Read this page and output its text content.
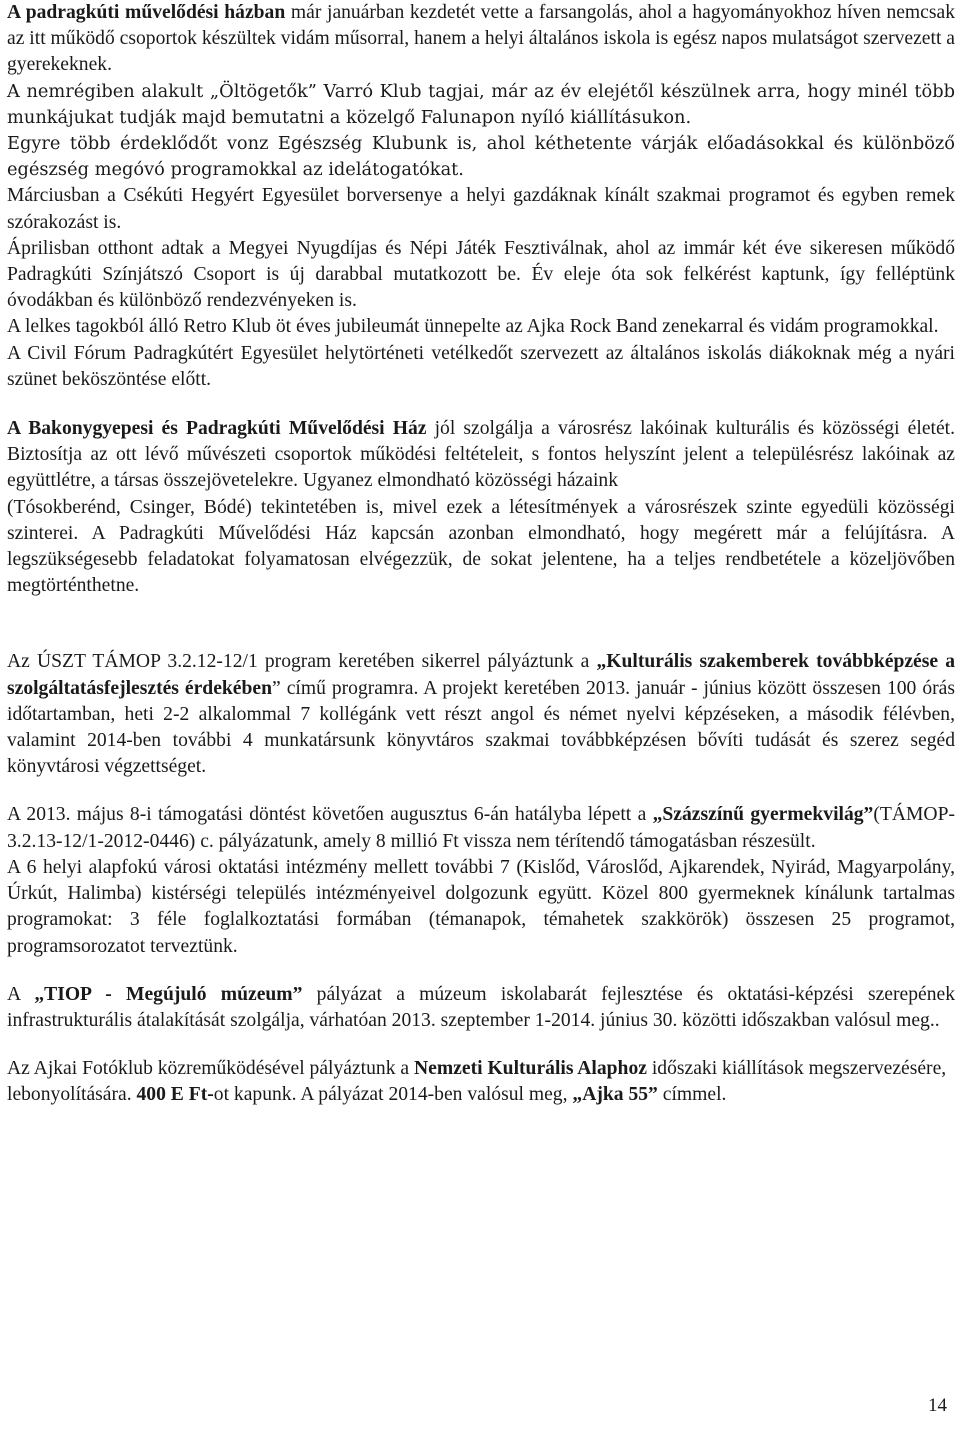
A padragkúti művelődési házban már januárban kezdetét vette a farsangolás, ahol a hagyományokhoz híven nemcsak az itt működő csoportok készültek vidám műsorral, hanem a helyi általános iskola is egész napos mulatságot szervezett a gyerekeknek.

A nemrégiben alakult „Öltögetők” Varró Klub tagjai, már az év elejétől készülnek arra, hogy minél több munkájukat tudják majd bemutatni a közelgő Falunapon nyíló kiállításukon.

Egyre több érdeklődőt vonz Egészség Klubunk is, ahol kéthetente várják előadásokkal és különböző egészség megóvó programokkal az idelátogatókat.

Márciusban a Csékúti Hegyért Egyesület borversenye a helyi gazdáknak kínált szakmai programot és egyben remek szórakozást is.

Áprilisban otthont adtak a Megyei Nyugdíjas és Népi Játék Fesztiválnak, ahol az immár két éve sikeresen működő Padragkúti Színjátszó Csoport is új darabbal mutatkozott be. Év eleje óta sok felkérést kaptunk, így felléptünk óvodákban és különböző rendezvényeken is.

A lelkes tagokból álló Retro Klub öt éves jubileumát ünnepelte az Ajka Rock Band zenekarral és vidám programokkal.

A Civil Fórum Padragkútért Egyesület helytörténeti vetélkedőt szervezett az általános iskolás diákoknak még a nyári szünet beköszöntése előtt.

A Bakonygyepesi és Padragkúti Művelődési Ház jól szolgálja a városrész lakóinak kulturális és közösségi életét. Biztosítja az ott lévő művészeti csoportok működési feltételeit, s fontos helyszínt jelent a településrész lakóinak az együttlétre, a társas összejövetelekre. Ugyanez elmondható közösségi házaink

(Tósokberénd, Csinger, Bódé) tekintetében is, mivel ezek a létesítmények a városrészek szinte egyedüli közösségi szinterei. A Padragkúti Művelődési Ház kapcsán azonban elmondható, hogy megérett már a felújításra. A legszükségesebb feladatokat folyamatosan elvégezzük, de sokat jelentene, ha a teljes rendbetétele a közeljövőben megtörténthetne.

Az ÚSZT TÁMOP 3.2.12-12/1 program keretében sikerrel pályáztunk a „Kulturális szakemberek továbbképzése a szolgáltatásfejlesztés érdekében” című programra. A projekt keretében 2013. január - június között összesen 100 órás időtartamban, heti 2-2 alkalommal 7 kollégánk vett részt angol és német nyelvi képzéseken, a második félévben, valamint 2014-ben további 4 munkatársunk könyvtáros szakmai továbbképzésen bővíti tudását és szerez segéd könyvtárosi végzettséget.

A 2013. május 8-i támogatási döntést követően augusztus 6-án hatályba lépett a „Százszínű gyermekvilág”(TÁMOP-3.2.13-12/1-2012-0446) c. pályázatunk, amely 8 millió Ft vissza nem térítendő támogatásban részesült.

A 6 helyi alapfokú városi oktatási intézmény mellett további 7 (Kislőd, Városlőd, Ajkarendek, Nyirád, Magyarpolány, Úrkút, Halimba) kistérségi település intézményeivel dolgozunk együtt. Közel 800 gyermeknek kínálunk tartalmas programokat: 3 féle foglalkoztatási formában (témanapok, témahetek szakkörök) összesen 25 programot, programsorozatot terveztünk.

A „TIOP - Megújuló múzeum” pályázat a múzeum iskolabarát fejlesztése és oktatási-képzési szerepének infrastrukturális átalakítását szolgálja, várhatóan 2013. szeptember 1-2014. június 30. közötti időszakban valósul meg..

Az Ajkai Fotóklub közreműködésével pályáztunk a Nemzeti Kulturális Alaphoz időszaki kiállítások megszervezésére, lebonyolítására. 400 E Ft-ot kapunk. A pályázat 2014-ben valósul meg, „Ajka 55” címmel.

14
